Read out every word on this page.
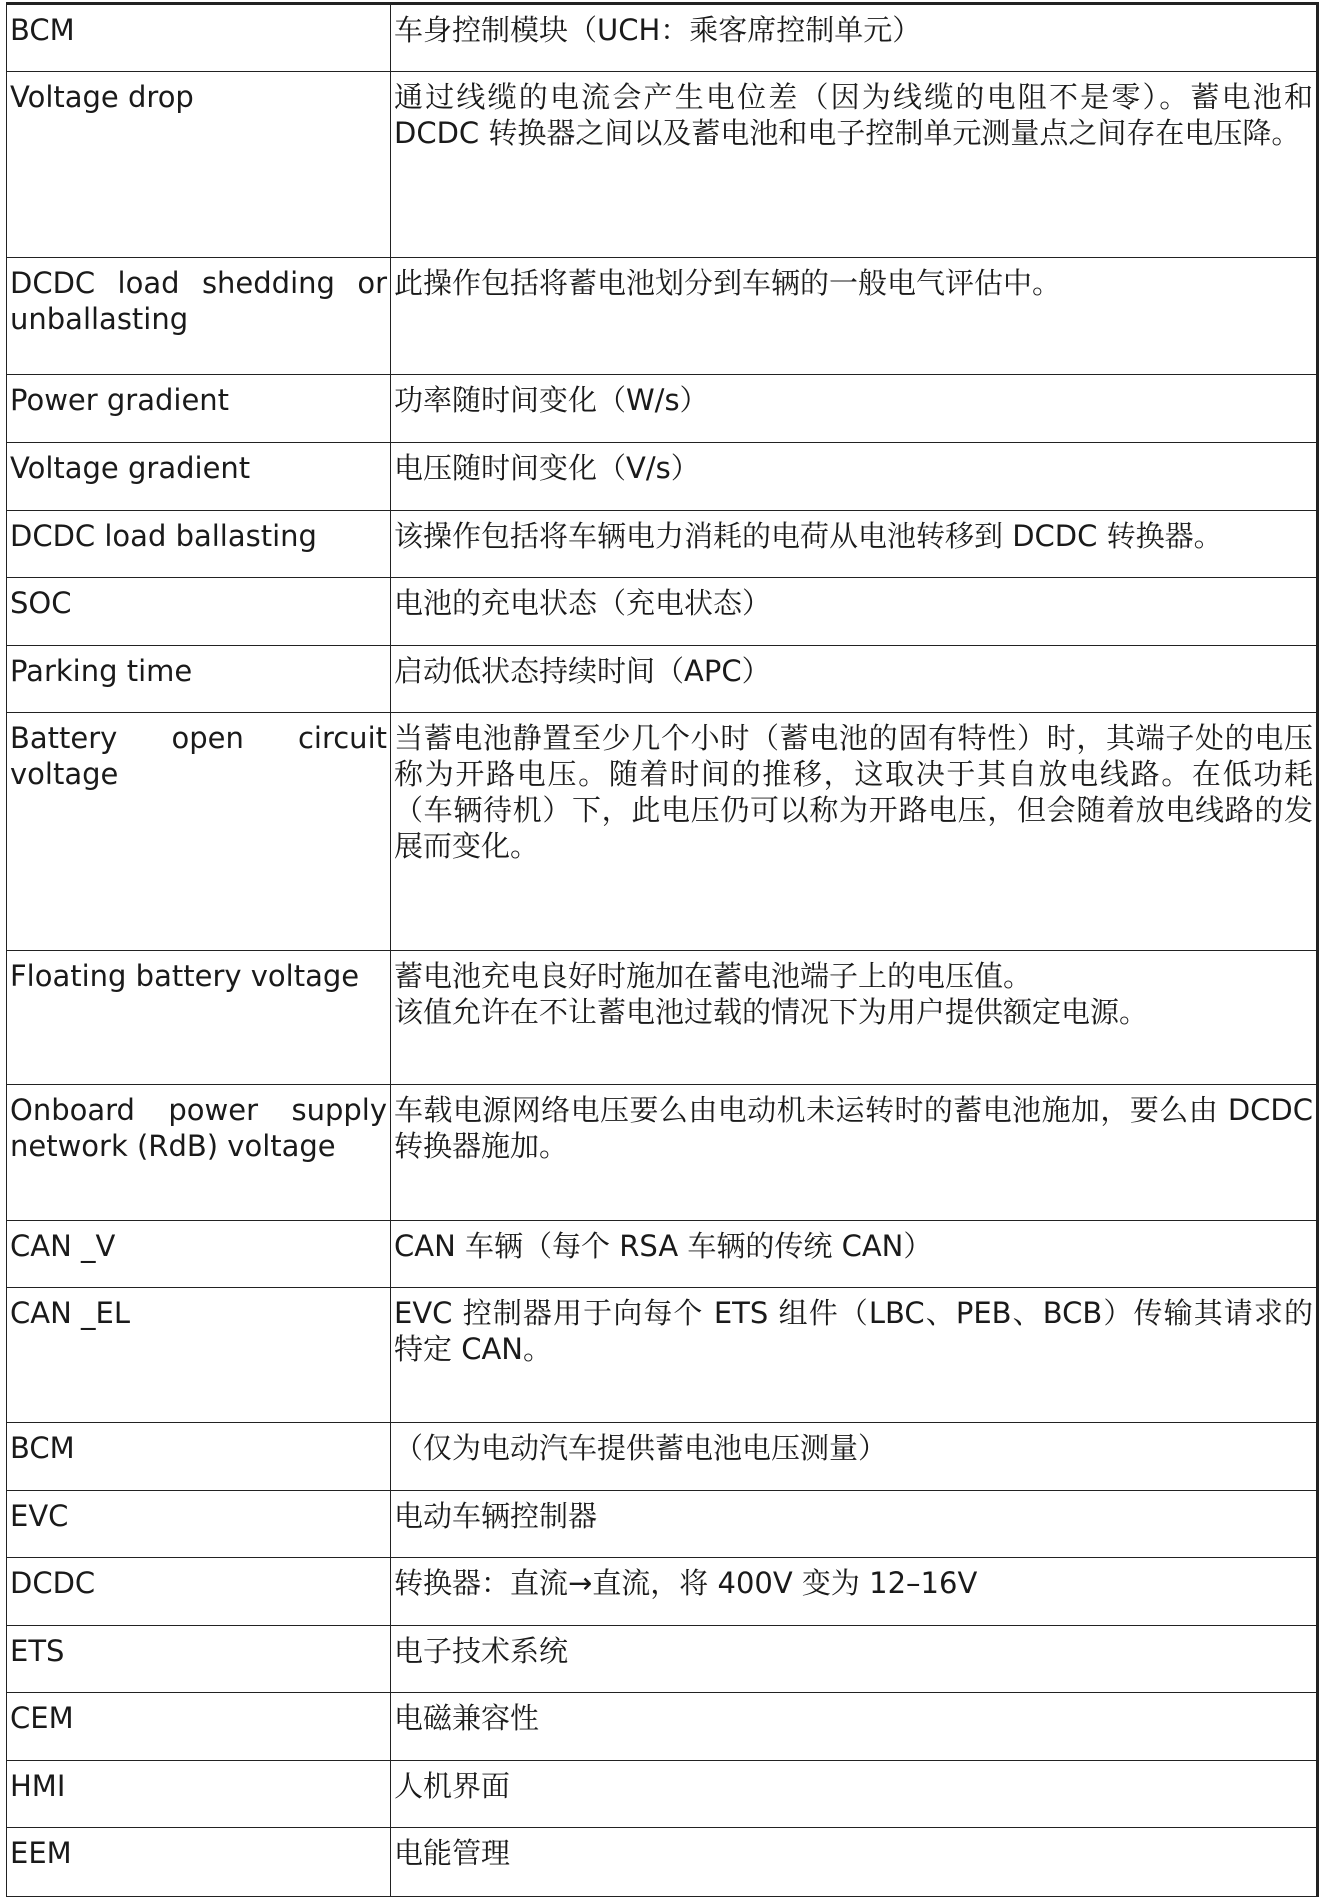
BCM	车身控制模块（UCH：乘客席控制单元）

Voltage drop	通过线缆的电流会产生电位差（因为线缆的电阻不是零）。蓄电池和 DCDC 转换器之间以及蓄电池和电子控制单元测量点之间存在电压降。

DCDC load shedding or unballasting	此操作包括将蓄电池划分到车辆的一般电气评估中。

Power gradient	功率随时间变化（W/s）

Voltage gradient	电压随时间变化（V/s）

DCDC load ballasting	该操作包括将车辆电力消耗的电荷从电池转移到 DCDC 转换器。

SOC	电池的充电状态（充电状态）

Parking time	启动低状态持续时间（APC）

Battery open circuit voltage	当蓄电池静置至少几个小时（蓄电池的固有特性）时，其端子处的电压称为开路电压。随着时间的推移，这取决于其自放电线路。在低功耗（车辆待机）下，此电压仍可以称为开路电压，但会随着放电线路的发展而变化。

Floating battery voltage	蓄电池充电良好时施加在蓄电池端子上的电压值。
该值允许在不让蓄电池过载的情况下为用户提供额定电源。

Onboard power supply network (RdB) voltage	车载电源网络电压要么由电动机未运转时的蓄电池施加，要么由 DCDC 转换器施加。

CAN _V	CAN 车辆（每个 RSA 车辆的传统 CAN）

CAN _EL	EVC 控制器用于向每个 ETS 组件（LBC、PEB、BCB）传输其请求的特定 CAN。

BCM	（仅为电动汽车提供蓄电池电压测量）

EVC	电动车辆控制器

DCDC	转换器：直流→直流，将 400V 变为 12–16V

ETS	电子技术系统

CEM	电磁兼容性

HMI	人机界面

EEM	电能管理
